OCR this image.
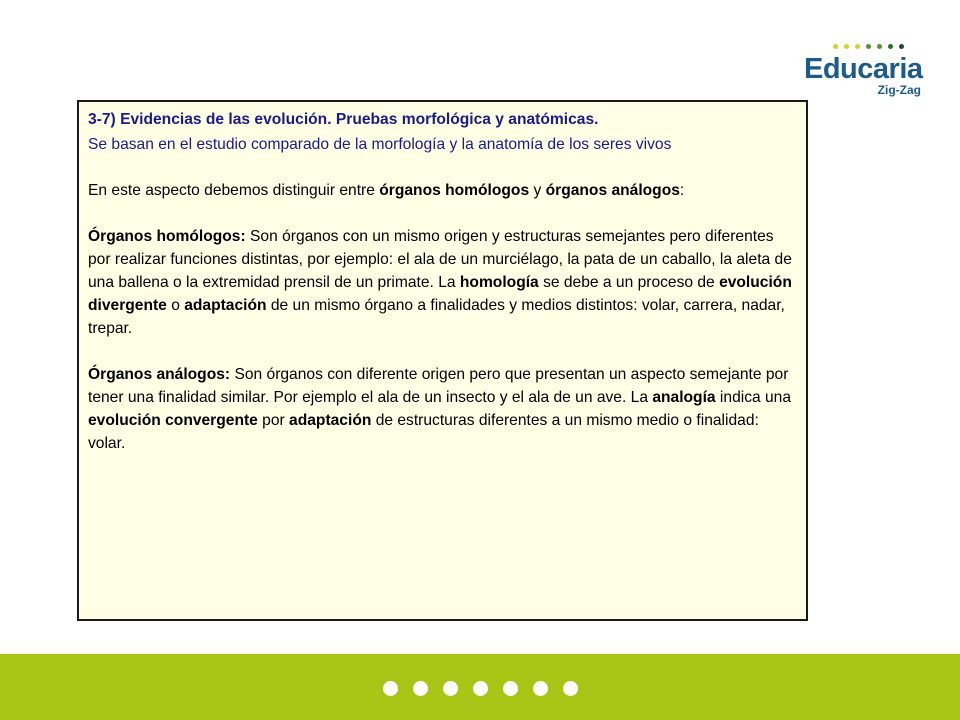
Educaria
Zig-Zag

3-7) Evidencias de las evolución. Pruebas morfológica y anatómicas.

Se basan en el estudio comparado de la morfología y la anatomía de los seres vivos

En este aspecto debemos distinguir entre órganos homólogos y órganos análogos:

Órganos homólogos: Son órganos con un mismo origen y estructuras semejantes pero diferentes por realizar funciones distintas, por ejemplo: el ala de un murciélago, la pata de un caballo, la aleta de una ballena o la extremidad prensil de un primate. La homología se debe a un proceso de evolución divergente o adaptación de un mismo órgano a finalidades y medios distintos: volar, carrera, nadar, trepar.

Órganos análogos: Son órganos con diferente origen pero que presentan un aspecto semejante por tener una finalidad similar. Por ejemplo el ala de un insecto y el ala de un ave. La analogía indica una evolución convergente por adaptación de estructuras diferentes a un mismo medio o finalidad: volar.
